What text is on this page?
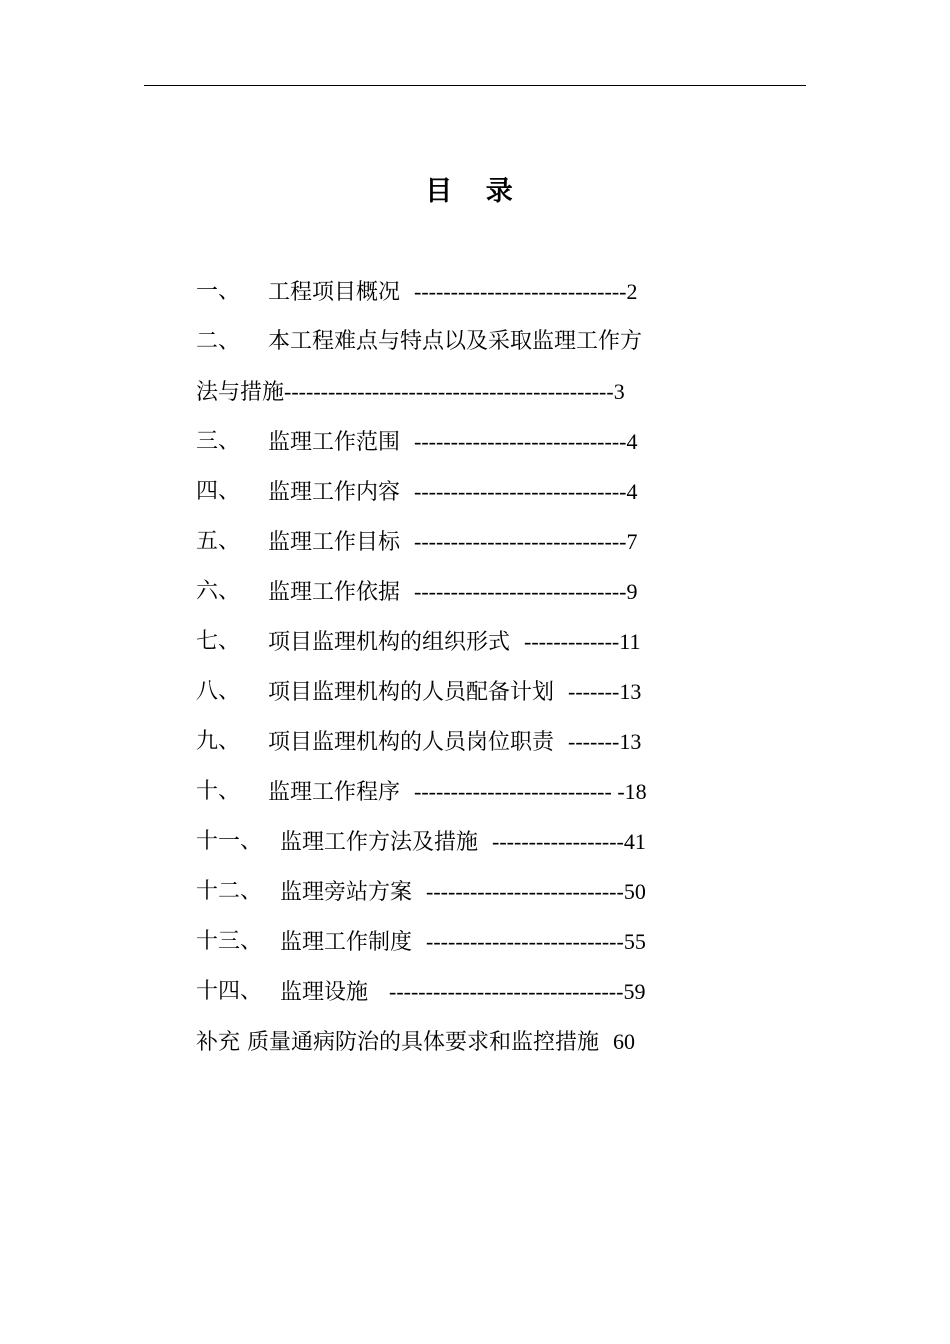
目 录
一、 工程项目概况 -----------------------------2
二、 本工程难点与特点以及采取监理工作方
法与措施---------------------------------------------3
三、 监理工作范围 -----------------------------4
四、 监理工作内容 -----------------------------4
五、 监理工作目标 -----------------------------7
六、 监理工作依据 -----------------------------9
七、 项目监理机构的组织形式 -------------11
八、 项目监理机构的人员配备计划 -------13
九、 项目监理机构的人员岗位职责 -------13
十、 监理工作程序 --------------------------- -18
十一、 监理工作方法及措施 ------------------41
十二、 监理旁站方案 ---------------------------50
十三、 监理工作制度 ---------------------------55
十四、 监理设施 --------------------------------59
补充 质量通病防治的具体要求和监控措施 60
